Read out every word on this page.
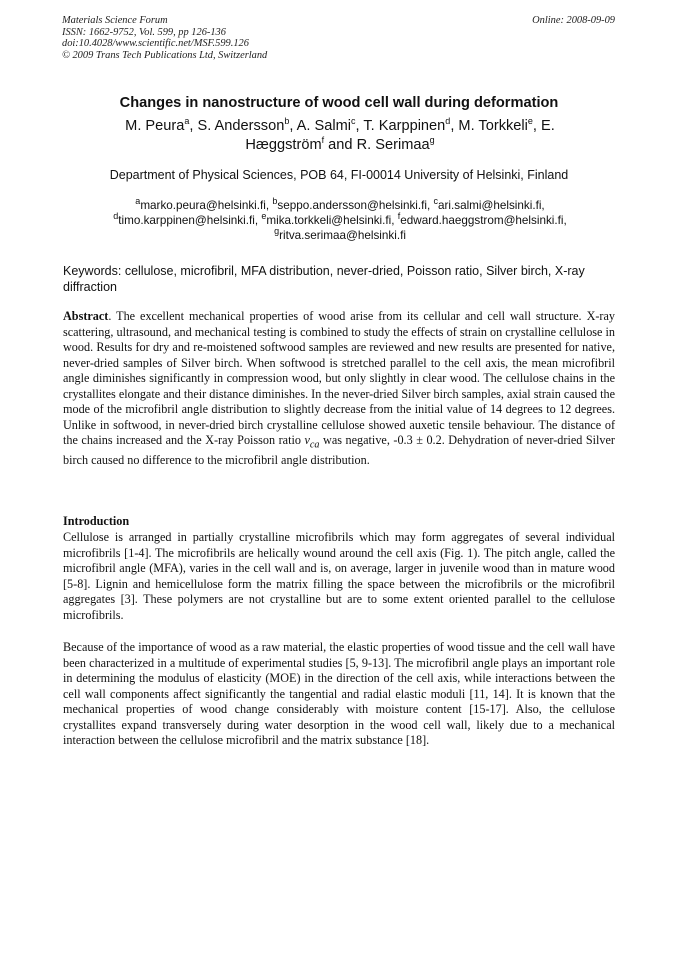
Materials Science Forum
ISSN: 1662-9752, Vol. 599, pp 126-136
doi:10.4028/www.scientific.net/MSF.599.126
© 2009 Trans Tech Publications Ltd, Switzerland
Online: 2008-09-09
Changes in nanostructure of wood cell wall during deformation
M. Peura$^a$, S. Andersson$^b$, A. Salmi$^c$, T. Karppinen$^d$, M. Torkkeli$^e$, E. Hæggström$^f$ and R. Serimaa$^g$
Department of Physical Sciences, POB 64, FI-00014 University of Helsinki, Finland
$^a$marko.peura@helsinki.fi, $^b$seppo.andersson@helsinki.fi, $^c$ari.salmi@helsinki.fi,
$^d$timo.karppinen@helsinki.fi, $^e$mika.torkkeli@helsinki.fi, $^f$edward.haeggstrom@helsinki.fi,
$^g$ritva.serimaa@helsinki.fi
Keywords: cellulose, microfibril, MFA distribution, never-dried, Poisson ratio, Silver birch, X-ray diffraction
Abstract. The excellent mechanical properties of wood arise from its cellular and cell wall structure. X-ray scattering, ultrasound, and mechanical testing is combined to study the effects of strain on crystalline cellulose in wood. Results for dry and re-moistened softwood samples are reviewed and new results are presented for native, never-dried samples of Silver birch. When softwood is stretched parallel to the cell axis, the mean microfibril angle diminishes significantly in compression wood, but only slightly in clear wood. The cellulose chains in the crystallites elongate and their distance diminishes. In the never-dried Silver birch samples, axial strain caused the mode of the microfibril angle distribution to slightly decrease from the initial value of 14 degrees to 12 degrees. Unlike in softwood, in never-dried birch crystalline cellulose showed auxetic tensile behaviour. The distance of the chains increased and the X-ray Poisson ratio $\nu_{ca}$ was negative, -0.3 ± 0.2. Dehydration of never-dried Silver birch caused no difference to the microfibril angle distribution.
Introduction
Cellulose is arranged in partially crystalline microfibrils which may form aggregates of several individual microfibrils [1-4]. The microfibrils are helically wound around the cell axis (Fig. 1). The pitch angle, called the microfibril angle (MFA), varies in the cell wall and is, on average, larger in juvenile wood than in mature wood [5-8]. Lignin and hemicellulose form the matrix filling the space between the microfibrils or the microfibril aggregates [3]. These polymers are not crystalline but are to some extent oriented parallel to the cellulose microfibrils.
Because of the importance of wood as a raw material, the elastic properties of wood tissue and the cell wall have been characterized in a multitude of experimental studies [5, 9-13]. The microfibril angle plays an important role in determining the modulus of elasticity (MOE) in the direction of the cell axis, while interactions between the cell wall components affect significantly the tangential and radial elastic moduli [11, 14]. It is known that the mechanical properties of wood change considerably with moisture content [15-17]. Also, the cellulose crystallites expand transversely during water desorption in the wood cell wall, likely due to a mechanical interaction between the cellulose microfibril and the matrix substance [18].
